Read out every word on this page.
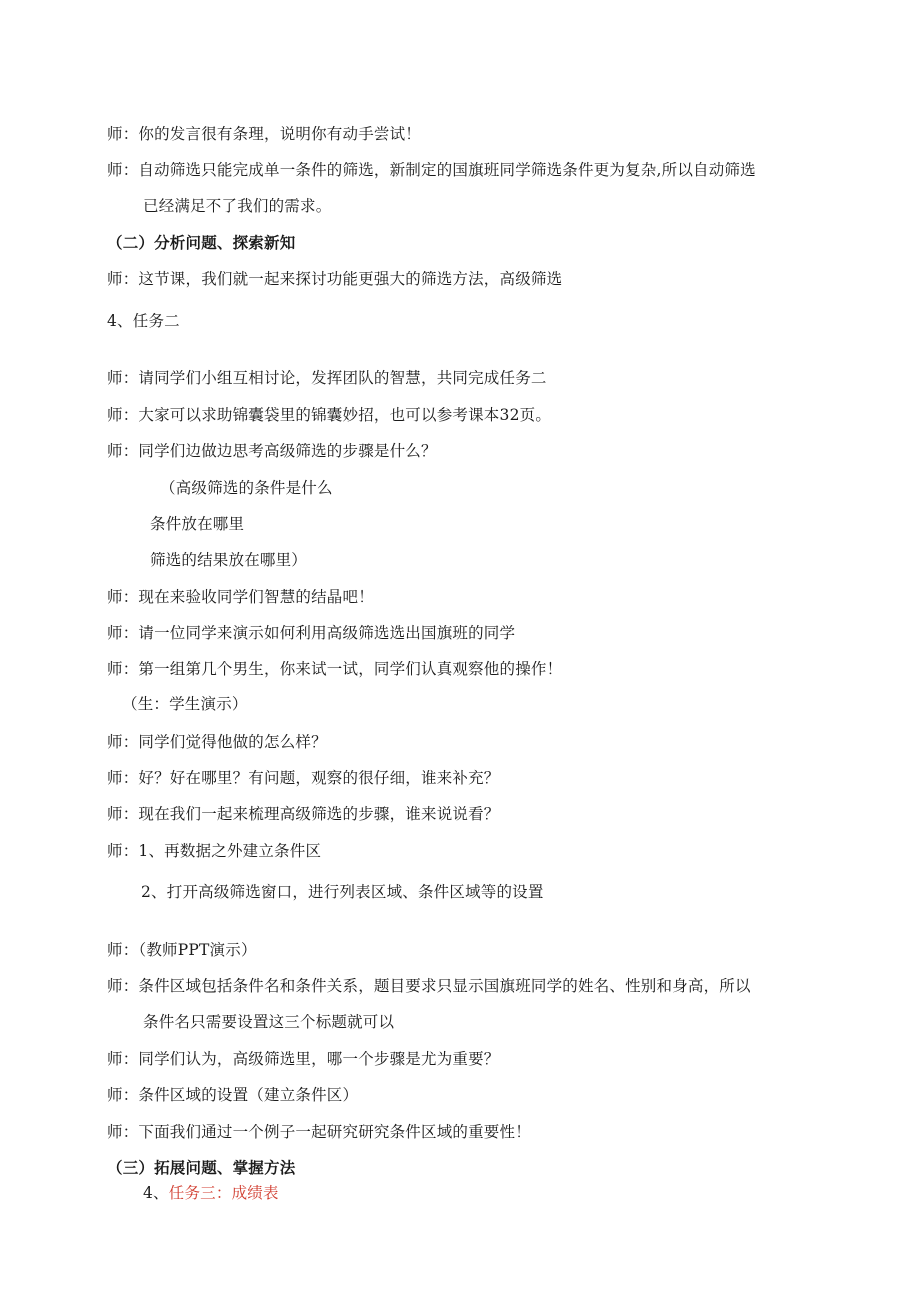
师：你的发言很有条理，说明你有动手尝试！
师：自动筛选只能完成单一条件的筛选，新制定的国旗班同学筛选条件更为复杂,所以自动筛选
已经满足不了我们的需求。
（二）分析问题、探索新知
师：这节课，我们就一起来探讨功能更强大的筛选方法，高级筛选
4、任务二
师：请同学们小组互相讨论，发挥团队的智慧，共同完成任务二
师：大家可以求助锦囊袋里的锦囊妙招，也可以参考课本32页。
师：同学们边做边思考高级筛选的步骤是什么？
（高级筛选的条件是什么
条件放在哪里
筛选的结果放在哪里）
师：现在来验收同学们智慧的结晶吧！
师：请一位同学来演示如何利用高级筛选选出国旗班的同学
师：第一组第几个男生，你来试一试，同学们认真观察他的操作！
（生：学生演示）
师：同学们觉得他做的怎么样？
师：好？好在哪里？有问题，观察的很仔细，谁来补充？
师：现在我们一起来梳理高级筛选的步骤，谁来说说看？
师：1、再数据之外建立条件区
2、打开高级筛选窗口，进行列表区域、条件区域等的设置
师：（教师PPT演示）
师：条件区域包括条件名和条件关系，题目要求只显示国旗班同学的姓名、性别和身高，所以
条件名只需要设置这三个标题就可以
师：同学们认为，高级筛选里，哪一个步骤是尤为重要？
师：条件区域的设置（建立条件区）
师：下面我们通过一个例子一起研究研究条件区域的重要性！
（三）拓展问题、掌握方法
4、任务三：成绩表
